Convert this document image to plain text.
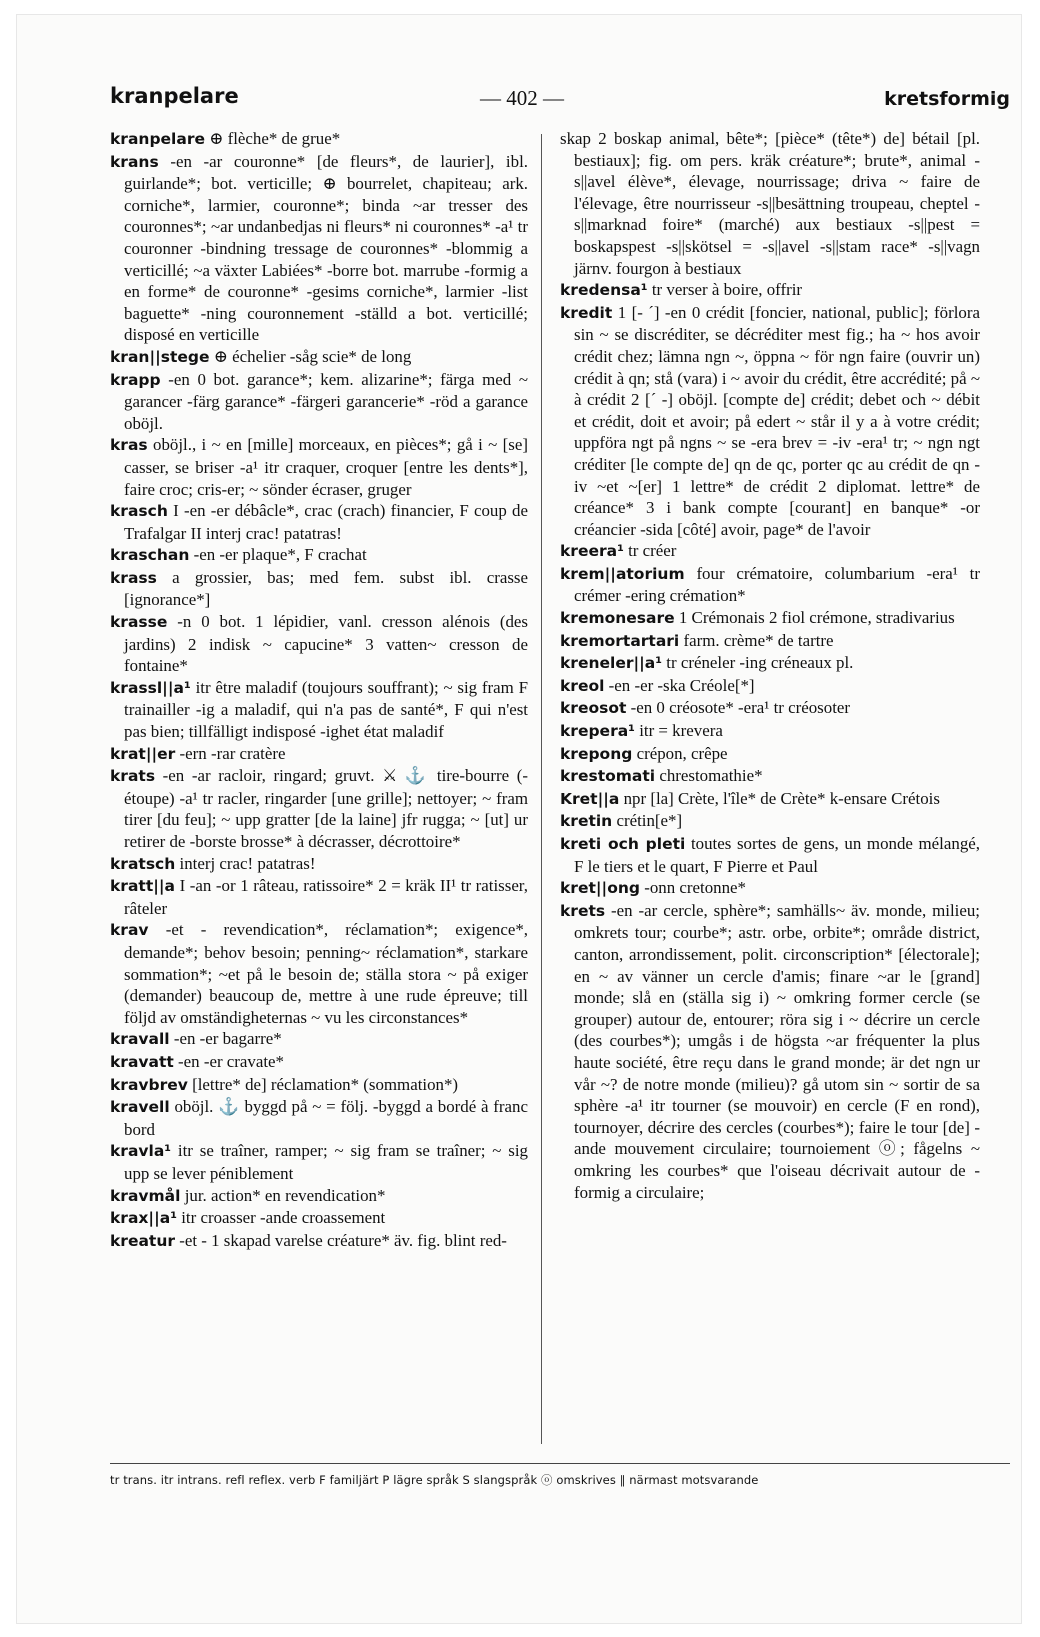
kranpelare	— 402 —	kretsformig

kranpelare ⊕ flèche* de grue*

krans -en -ar couronne* [de fleurs*, de laurier], ibl. guirlande*; bot. verticille; ⊕ bourrelet, chapiteau; ark. corniche*, larmier, couronne*; binda ~ar tresser des couronnes*; ~ar undanbedjas ni fleurs* ni couronnes* -a¹ tr couronner -bindning tressage de couronnes* -blommig a verticillé; ~a växter Labiées* -borre bot. marrube -formig a en forme* de couronne* -gesims corniche*, larmier -list baguette* -ning couronnement -ställd a bot. verticillé; disposé en verticille

kran||stege ⊕ échelier -såg scie* de long

krapp -en 0 bot. garance*; kem. alizarine*; färga med ~ garancer -färg garance* -färgeri garancerie* -röd a garance oböjl.

kras oböjl., i ~ en [mille] morceaux, en pièces*; gå i ~ [se] casser, se briser -a¹ itr craquer, croquer [entre les dents*], faire croc; cris-er; ~ sönder écraser, gruger

krasch I -en -er débâcle*, crac (crach) financier, F coup de Trafalgar II interj crac! patatras!

kraschan -en -er plaque*, F crachat

krass a grossier, bas; med fem. subst ibl. crasse [ignorance*]

krasse -n 0 bot. 1 lépidier, vanl. cresson alénois (des jardins) 2 indisk ~ capucine* 3 vatten~ cresson de fontaine*

krassl||a¹ itr être maladif (toujours souffrant); ~ sig fram F trainailler -ig a maladif, qui n'a pas de santé*, F qui n'est pas bien; tillfälligt indisposé -ighet état maladif

krat||er -ern -rar cratère

krats -en -ar racloir, ringard; gruvt. ⚔ ⚓ tire-bourre (-étoupe) -a¹ tr racler, ringarder [une grille]; nettoyer; ~ fram tirer [du feu]; ~ upp gratter [de la laine] jfr rugga; ~ [ut] ur retirer de -borste brosse* à décrasser, décrottoire*

kratsch interj crac! patatras!

kratt||a I -an -or 1 râteau, ratissoire* 2 = kräk II¹ tr ratisser, râteler

krav -et - revendication*, réclamation*; exigence*, demande*; behov besoin; penning~ réclamation*, starkare sommation*; ~et på le besoin de; ställa stora ~ på exiger (demander) beaucoup de, mettre à une rude épreuve; till följd av omständigheternas ~ vu les circonstances*

kravall -en -er bagarre*

kravatt -en -er cravate*

kravbrev [lettre* de] réclamation* (sommation*)

kravell oböjl. ⚓ byggd på ~ = följ. -byggd a bordé à franc bord

kravla¹ itr se traîner, ramper; ~ sig fram se traîner; ~ sig upp se lever péniblement

kravmål jur. action* en revendication*

krax||a¹ itr croasser -ande croassement

kreatur -et - 1 skapad varelse créature* äv. fig. blint red-

skap 2 boskap animal, bête*; [pièce* (tête*) de] bétail [pl. bestiaux]; fig. om pers. kräk créature*; brute*, animal -s||avel élève*, élevage, nourrissage; driva ~ faire de l'élevage, être nourrisseur -s||besättning troupeau, cheptel -s||marknad foire* (marché) aux bestiaux -s||pest = boskapspest -s||skötsel = -s||avel -s||stam race* -s||vagn järnv. fourgon à bestiaux

kredensa¹ tr verser à boire, offrir

kredit 1 [- ´] -en 0 crédit [foncier, national, public]; förlora sin ~ se discréditer, se décréditer mest fig.; ha ~ hos avoir crédit chez; lämna ngn ~, öppna ~ för ngn faire (ouvrir un) crédit à qn; stå (vara) i ~ avoir du crédit, être accrédité; på ~ à crédit 2 [´ -] oböjl. [compte de] crédit; debet och ~ débit et crédit, doit et avoir; på edert ~ står il y a à votre crédit; uppföra ngt på ngns ~ se -era brev = -iv -era¹ tr; ~ ngn ngt créditer [le compte de] qn de qc, porter qc au crédit de qn -iv ~et ~[er] 1 lettre* de crédit 2 diplomat. lettre* de créance* 3 i bank compte [courant] en banque* -or créancier -sida [côté] avoir, page* de l'avoir

kreera¹ tr créer

krem||atorium four crématoire, columbarium -era¹ tr crémer -ering crémation*

kremonesare 1 Crémonais 2 fiol crémone, stradivarius

kremortartari farm. crème* de tartre

kreneler||a¹ tr créneler -ing créneaux pl.

kreol -en -er -ska Créole[*]

kreosot -en 0 créosote* -era¹ tr créosoter

krepera¹ itr = krevera

krepong crépon, crêpe

krestomati chrestomathie*

Kret||a npr [la] Crète, l'île* de Crète* k-ensare Crétois

kretin crétin[e*]

kreti och pleti toutes sortes de gens, un monde mélangé, F le tiers et le quart, F Pierre et Paul

kret||ong -onn cretonne*

krets -en -ar cercle, sphère*; samhälls~ äv. monde, milieu; omkrets tour; courbe*; astr. orbe, orbite*; område district, canton, arrondissement, polit. circonscription* [électorale]; en ~ av vänner un cercle d'amis; finare ~ar le [grand] monde; slå en (ställa sig i) ~ omkring former cercle (se grouper) autour de, entourer; röra sig i ~ décrire un cercle (des courbes*); umgås i de högsta ~ar fréquenter la plus haute société, être reçu dans le grand monde; är det ngn ur vår ~? de notre monde (milieu)? gå utom sin ~ sortir de sa sphère -a¹ itr tourner (se mouvoir) en cercle (F en rond), tournoyer, décrire des cercles (courbes*); faire le tour [de] -ande mouvement circulaire; tournoiement ⓞ; fågelns ~ omkring les courbes* que l'oiseau décrivait autour de -formig a circulaire;

tr trans. itr intrans. refl reflex. verb F familjärt P lägre språk S slangspråk ⓞ omskrives ∥ närmast motsvarande
